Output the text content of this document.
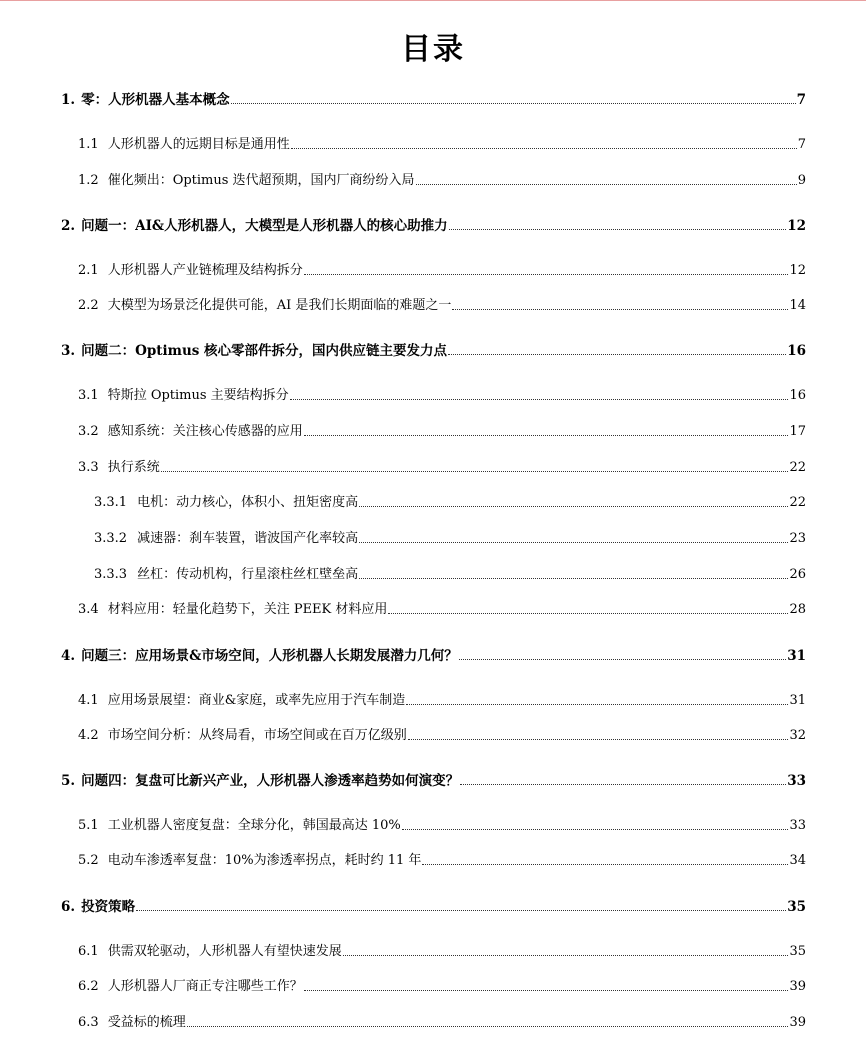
目录
1. 零：人形机器人基本概念	7
1.1 人形机器人的远期目标是通用性	7
1.2 催化频出：Optimus 迭代超预期，国内厂商纷纷入局	9
2. 问题一：AI&人形机器人，大模型是人形机器人的核心助推力	12
2.1 人形机器人产业链梳理及结构拆分	12
2.2 大模型为场景泛化提供可能，AI 是我们长期面临的难题之一	14
3. 问题二：Optimus 核心零部件拆分，国内供应链主要发力点	16
3.1 特斯拉 Optimus 主要结构拆分	16
3.2 感知系统：关注核心传感器的应用	17
3.3 执行系统	22
3.3.1 电机：动力核心，体积小、扭矩密度高	22
3.3.2 减速器：刹车装置，谐波国产化率较高	23
3.3.3 丝杠：传动机构，行星滚柱丝杠壁垒高	26
3.4 材料应用：轻量化趋势下，关注 PEEK 材料应用	28
4. 问题三：应用场景&市场空间，人形机器人长期发展潜力几何？	31
4.1 应用场景展望：商业&家庭，或率先应用于汽车制造	31
4.2 市场空间分析：从终局看，市场空间或在百万亿级别	32
5. 问题四：复盘可比新兴产业，人形机器人渗透率趋势如何演变？	33
5.1 工业机器人密度复盘：全球分化，韩国最高达 10%	33
5.2 电动车渗透率复盘：10%为渗透率拐点，耗时约 11 年	34
6. 投资策略	35
6.1 供需双轮驱动，人形机器人有望快速发展	35
6.2 人形机器人厂商正专注哪些工作？	39
6.3 受益标的梳理	39
